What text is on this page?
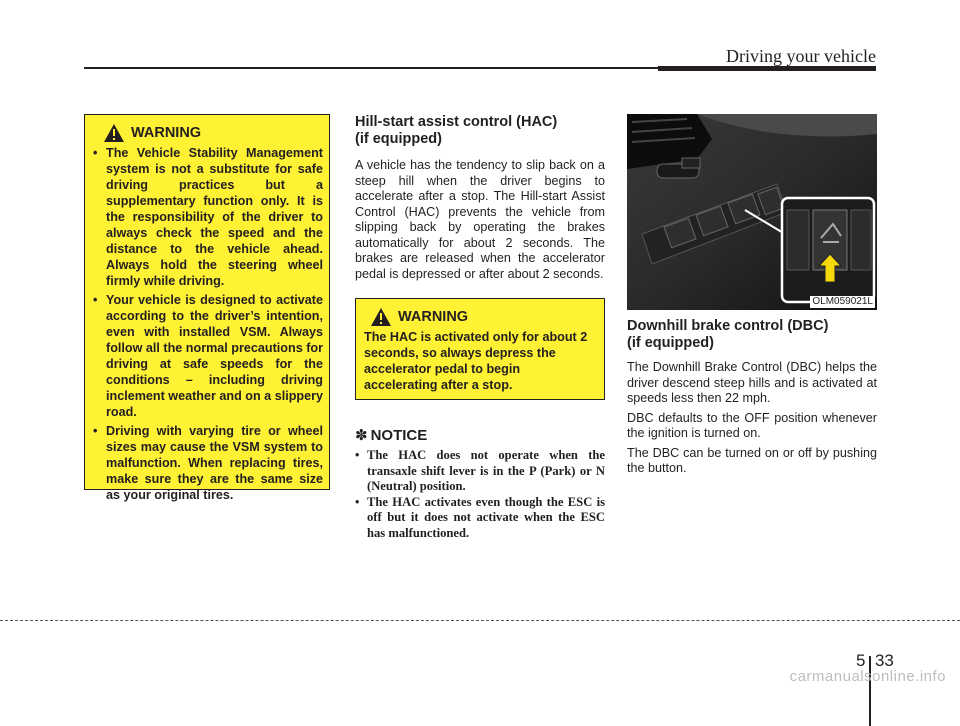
Driving your vehicle
WARNING
• The Vehicle Stability Management system is not a substitute for safe driving practices but a supplementary function only. It is the responsibility of the driver to always check the speed and the distance to the vehicle ahead. Always hold the steering wheel firmly while driving.
• Your vehicle is designed to activate according to the driver’s intention, even with installed VSM. Always follow all the normal precautions for driving at safe speeds for the conditions – including driving inclement weather and on a slippery road.
• Driving with varying tire or wheel sizes may cause the VSM system to malfunction. When replacing tires, make sure they are the same size as your original tires.
Hill-start assist control (HAC)
(if equipped)

A vehicle has the tendency to slip back on a steep hill when the driver begins to accelerate after a stop. The Hill-start Assist Control (HAC) prevents the vehicle from slipping back by operating the brakes automatically for about 2 seconds. The brakes are released when the accelerator pedal is depressed or after about 2 seconds.

WARNING
The HAC is activated only for about 2 seconds, so always depress the accelerator pedal to begin accelerating after a stop.
✽ NOTICE
• The HAC does not operate when the transaxle shift lever is in the P (Park) or N (Neutral) position.
• The HAC activates even though the ESC is off but it does not activate when the ESC has malfunctioned.
OLM059021L
Downhill brake control (DBC)
(if equipped)

The Downhill Brake Control (DBC) helps the driver descend steep hills and is activated at speeds less then 22 mph.

DBC defaults to the OFF position whenever the ignition is turned on.

The DBC can be turned on or off by pushing the button.

5 33
carmanualsonline.info
